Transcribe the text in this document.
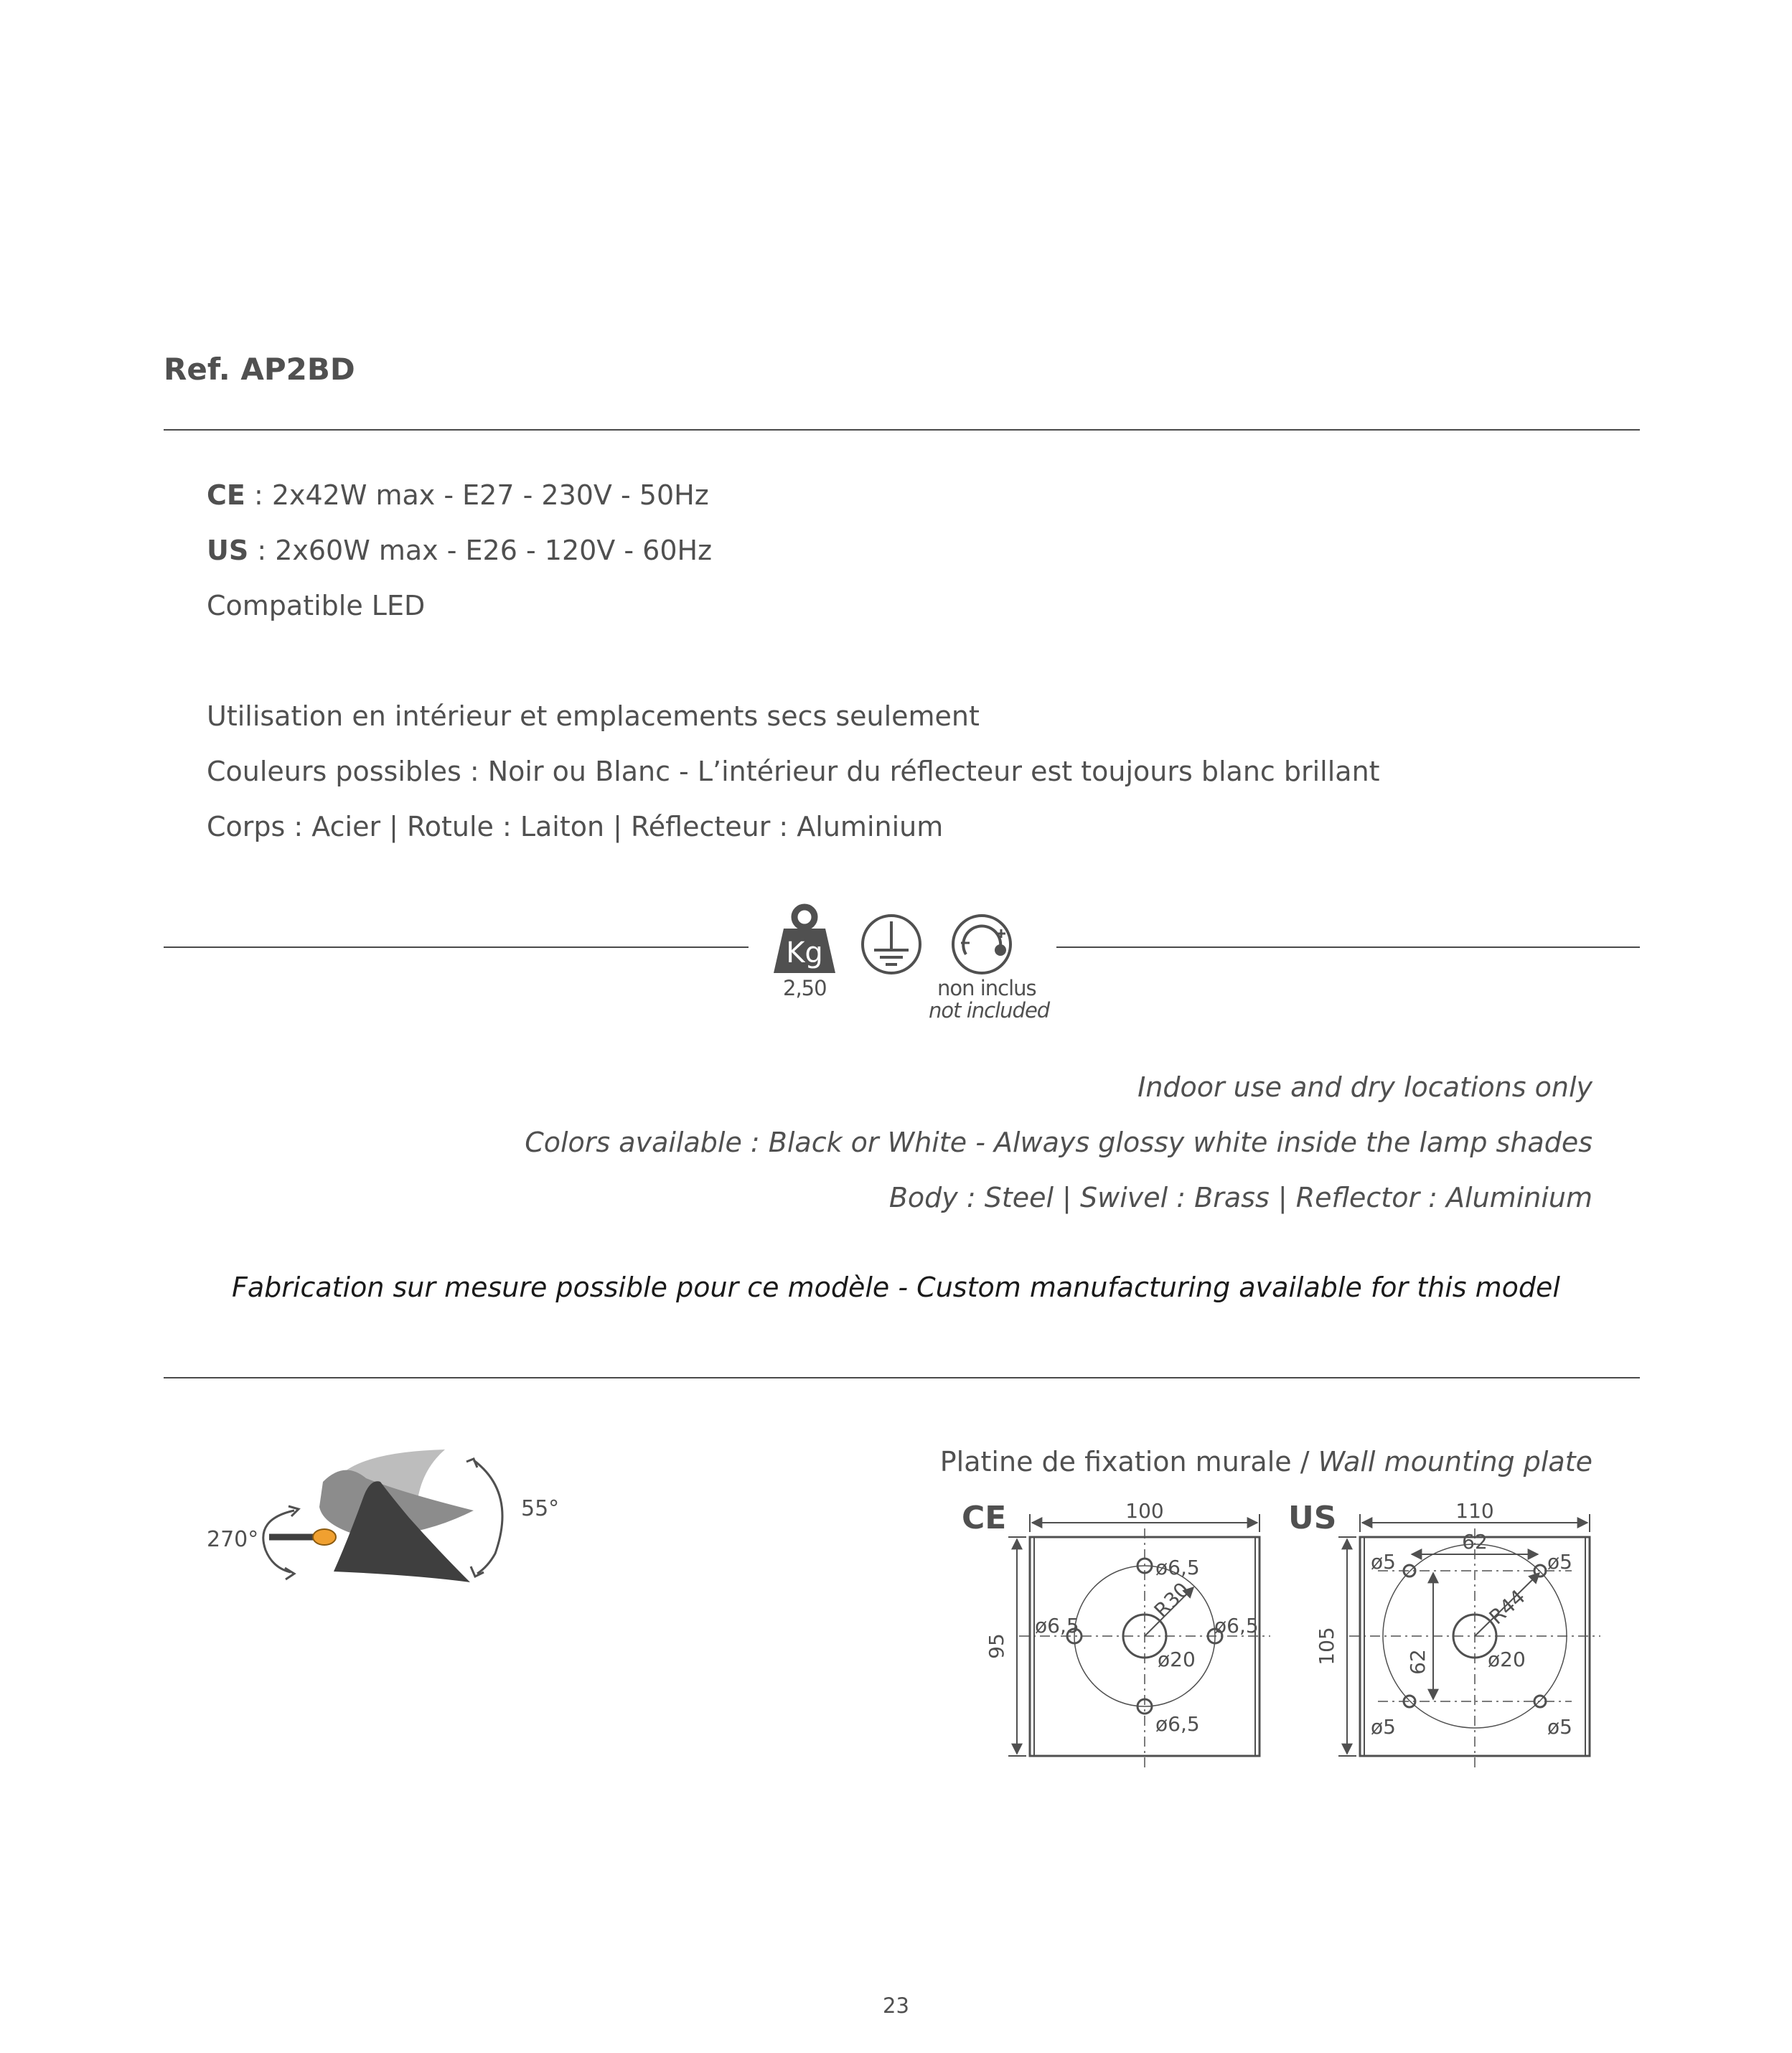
Ref. AP2BD
CE : 2x42W max - E27 - 230V - 50Hz
US : 2x60W max - E26 - 120V - 60Hz
Compatible LED
Utilisation en intérieur et emplacements secs seulement
Couleurs possibles : Noir ou Blanc - L’intérieur du réflecteur est toujours blanc brillant
Corps : Acier | Rotule : Laiton | Réflecteur : Aluminium
Kg
2,50	non inclus
not included
Indoor use and dry locations only
Colors available : Black or White - Always glossy white inside the lamp shades
Body : Steel | Swivel : Brass | Reflector : Aluminium
Fabrication sur mesure possible pour ce modèle - Custom manufacturing available for this model
270°
55°
Platine de fixation murale / Wall mounting plate
CE	100
95
R30
ø6,5
ø6,5	ø6,5
ø20
ø6,5
US	110
105
62
62
R44
ø5	ø5
ø5	ø5
ø20
23
